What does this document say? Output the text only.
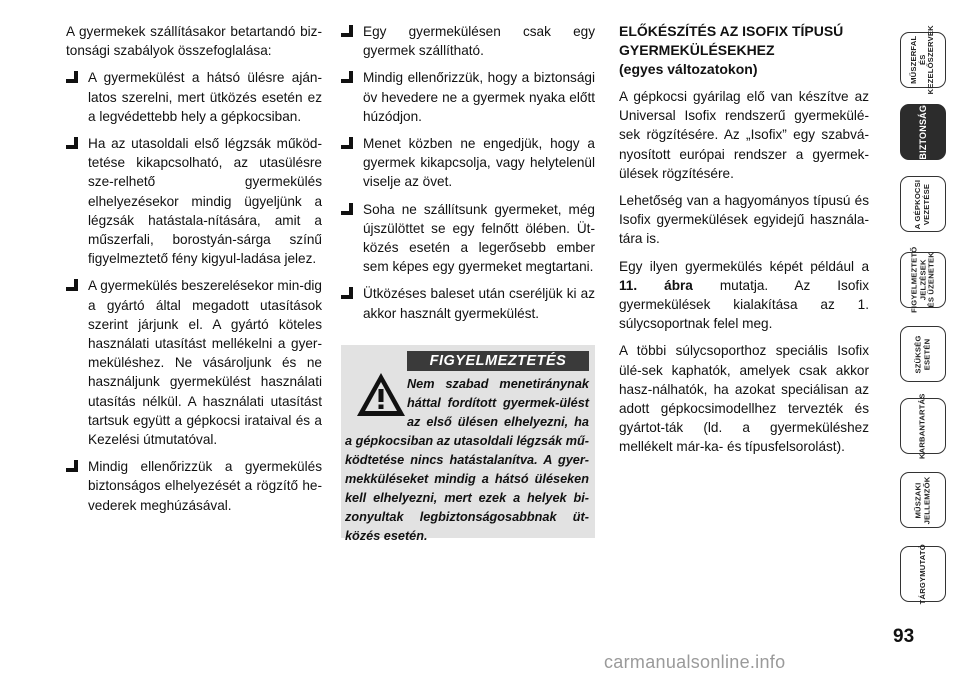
A gyermekek szállításakor betartandó biz-tonsági szabályok összefoglalása:

A gyermekülést a hátsó ülésre aján-latos szerelni, mert ütközés esetén ez a legvédettebb hely a gépkocsiban.
Ha az utasoldali első légzsák működ-tetése kikapcsolható, az utasülésre sze-relhető gyermekülés elhelyezésekor mindig ügyeljünk a légzsák hatástala-nítására, amit a műszerfali, borostyán-sárga színű figyelmeztető fény kigyul-ladása jelez.
A gyermekülés beszerelésekor min-dig a gyártó által megadott utasítások szerint járjunk el. A gyártó köteles használati utasítást mellékelni a gyer-meküléshez. Ne vásároljunk és ne használjunk gyermekülést használati utasítás nélkül. A használati utasítást tartsuk együtt a gépkocsi irataival és a Kezelési útmutatóval.
Mindig ellenőrizzük a gyermekülés biztonságos elhelyezését a rögzítő he-vederek meghúzásával.
Egy gyermekülésen csak egy gyermek szállítható.
Mindig ellenőrizzük, hogy a biztonsági öv hevedere ne a gyermek nyaka előtt húzódjon.
Menet közben ne engedjük, hogy a gyermek kikapcsolja, vagy helytelenül viselje az övet.
Soha ne szállítsunk gyermeket, még újszülöttet se egy felnőtt ölében. Üt-közés esetén a legerősebb ember sem képes egy gyermeket megtartani.
Ütközéses baleset után cseréljük ki az akkor használt gyermekülést.
FIGYELMEZTETÉS
Nem szabad menetiránynak háttal fordított gyermek-ülést az első ülésen elhelyezni, ha a gépkocsiban az utasoldali légzsák mű-ködtetése nincs hatástalanítva. A gyer-mekküléseket mindig a hátsó üléseken kell elhelyezni, mert ezek a helyek bi-zonyultak legbiztonságosabbnak üt-közés esetén.
ELŐKÉSZÍTÉS AZ ISOFIX TÍPUSÚ GYERMEKÜLÉSEKHEZ
(egyes változatokon)

A gépkocsi gyárilag elő van készítve az Universal Isofix rendszerű gyermekülé-sek rögzítésére. Az „Isofix” egy szabvá-nyosított európai rendszer a gyermek-ülések rögzítésére.

Lehetőség van a hagyományos típusú és Isofix gyermekülések egyidejű használa-tára is.

Egy ilyen gyermekülés képét például a 11. ábra mutatja. Az Isofix gyermekülések kialakítása az 1. súlycsoportnak felel meg.

A többi súlycsoporthoz speciális Isofix ülé-sek kaphatók, amelyek csak akkor hasz-nálhatók, ha azokat speciálisan az adott gépkocsimodellhez tervezték és gyártot-ták (ld. a gyermeküléshez mellékelt már-ka- és típusfelsorolást).

MŰSZERFAL
ÉS
KEZELŐSZERVEK
BIZTONSÁG
A GÉPKOCSI
VEZETÉSE
FIGYELMEZTETŐ
JELZÉSEK
ÉS ÜZENETEK
SZÜKSÉG
ESETÉN
KARBANTARTÁS
MŰSZAKI
JELLEMZŐK
TÁRGYMUTATÓ
93
carmanualsonline.info
